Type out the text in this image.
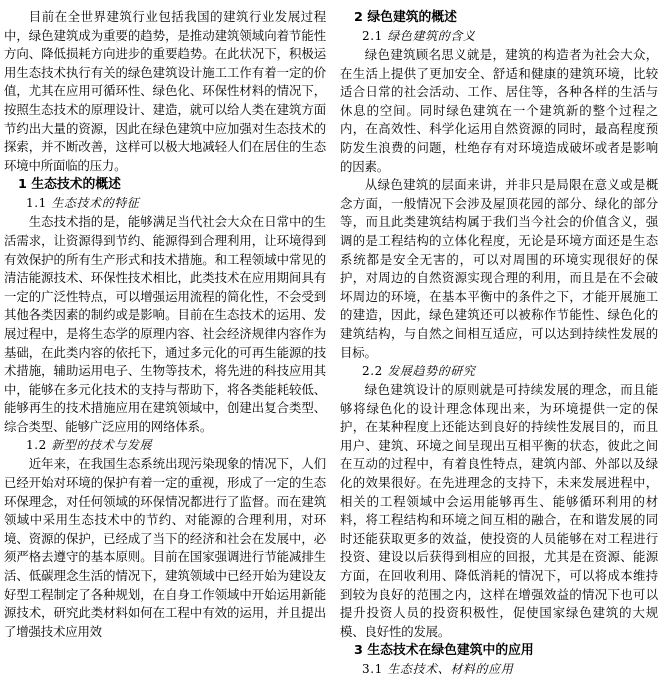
目前在全世界建筑行业包括我国的建筑行业发展过程中，绿色建筑成为重要的趋势，是推动建筑领域向着节能性方向、降低损耗方向进步的重要趋势。在此状况下，积极运用生态技术执行有关的绿色建筑设计施工工作有着一定的价值，尤其在应用可循环性、绿色化、环保性材料的情况下，按照生态技术的原理设计、建造，就可以给人类在建筑方面节约出大量的资源，因此在绿色建筑中应加强对生态技术的探索，并不断改善，这样可以极大地减轻人们在居住的生态环境中所面临的压力。

1 生态技术的概述

1.1 生态技术的特征

生态技术指的是，能够满足当代社会大众在日常中的生活需求，让资源得到节约、能源得到合理利用，让环境得到有效保护的所有生产形式和技术措施。和工程领域中常见的清洁能源技术、环保性技术相比，此类技术在应用期间具有一定的广泛性特点，可以增强运用流程的简化性，不会受到其他各类因素的制约或是影响。目前在生态技术的运用、发展过程中，是将生态学的原理内容、社会经济规律内容作为基础，在此类内容的依托下，通过多元化的可再生能源的技术措施，辅助运用电子、生物等技术，将先进的科技应用其中，能够在多元化技术的支持与帮助下，将各类能耗较低、能够再生的技术措施应用在建筑领域中，创建出复合类型、综合类型、能够广泛应用的网络体系。

1.2 新型的技术与发展

近年来，在我国生态系统出现污染现象的情况下，人们已经开始对环境的保护有着一定的重视，形成了一定的生态环保理念，对任何领域的环保情况都进行了监督。而在建筑领域中采用生态技术中的节约、对能源的合理利用，对环境、资源的保护，已经成了当下的经济和社会在发展中，必须严格去遵守的基本原则。目前在国家强调进行节能减排生活、低碳理念生活的情况下，建筑领域中已经开始为建设友好型工程制定了各种规划，在自身工作领域中开始运用新能源技术，研究此类材料如何在工程中有效的运用，并且提出了增强技术应用效

2 绿色建筑的概述

2.1 绿色建筑的含义

绿色建筑顾名思义就是，建筑的构造者为社会大众，在生活上提供了更加安全、舒适和健康的建筑环境，比较适合日常的社会活动、工作、居住等，各种各样的生活与休息的空间。同时绿色建筑在一个建筑新的整个过程之内，在高效性、科学化运用自然资源的同时，最高程度预防发生浪费的问题，杜绝存有对环境造成破坏或者是影响的因素。

从绿色建筑的层面来讲，并非只是局限在意义或是概念方面，一般情况下会涉及屋顶花园的部分、绿化的部分等，而且此类建筑结构属于我们当今社会的价值含义，强调的是工程结构的立体化程度，无论是环境方面还是生态系统都是安全无害的，可以对周围的环境实现很好的保护，对周边的自然资源实现合理的利用，而且是在不会破坏周边的环境，在基本平衡中的条件之下，才能开展施工的建造，因此，绿色建筑还可以被称作节能性、绿色化的建筑结构，与自然之间相互适应，可以达到持续性发展的目标。

2.2 发展趋势的研究

绿色建筑设计的原则就是可持续发展的理念，而且能够将绿色化的设计理念体现出来，为环境提供一定的保护，在某种程度上还能达到良好的持续性发展目的，而且用户、建筑、环境之间呈现出互相平衡的状态，彼此之间在互动的过程中，有着良性特点，建筑内部、外部以及绿化的效果很好。在先进理念的支持下，未来发展进程中，相关的工程领域中会运用能够再生、能够循环利用的材料，将工程结构和环境之间互相的融合，在和谐发展的同时还能获取更多的效益，使投资的人员能够在对工程进行投资、建设以后获得到相应的回报，尤其是在资源、能源方面，在回收利用、降低消耗的情况下，可以将成本维持到较为良好的范围之内，这样在增强效益的情况下也可以提升投资人员的投资积极性，促使国家绿色建筑的大规模、良好性的发展。

3 生态技术在绿色建筑中的应用

3.1 生态技术、材料的应用
